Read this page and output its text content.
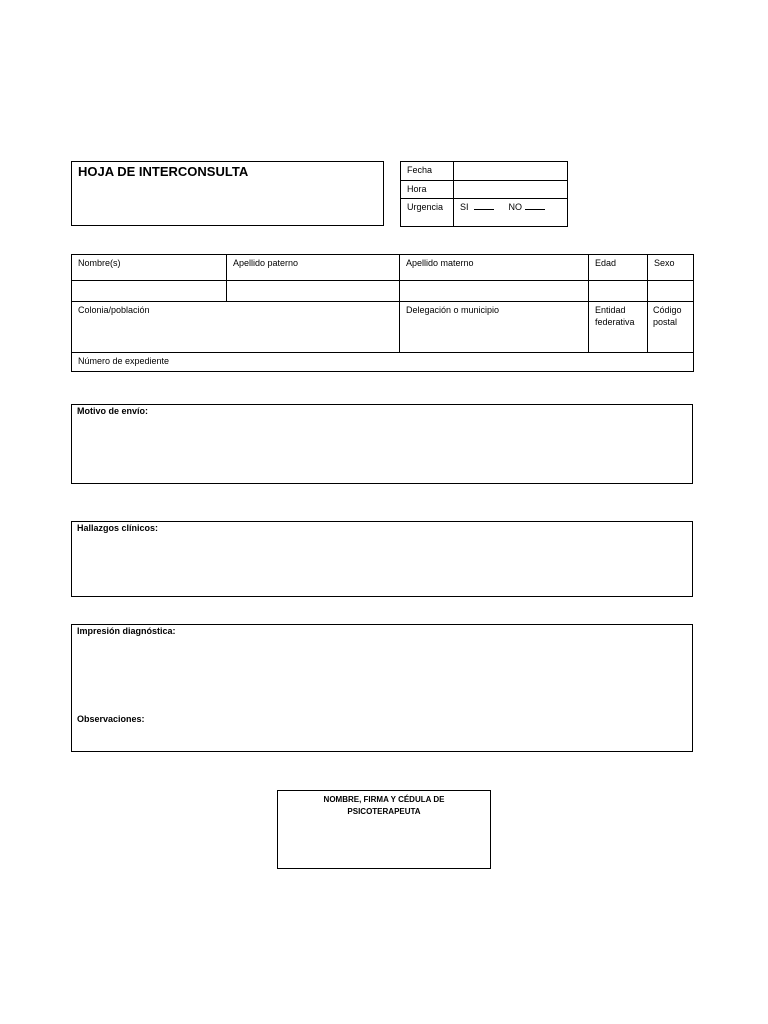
HOJA DE INTERCONSULTA	Fecha	
Hora	
Urgencia	SI NO
Nombre(s)	Apellido paterno	Apellido materno	Edad	Sexo

Colonia/población		Delegación o municipio	Entidad federativa	Código postal
Número de expediente				
Motivo de envío:
Hallazgos clínicos:
Impresión diagnóstica:
Observaciones:
NOMBRE, FIRMA Y CÉDULA DE PSICOTERAPEUTA
